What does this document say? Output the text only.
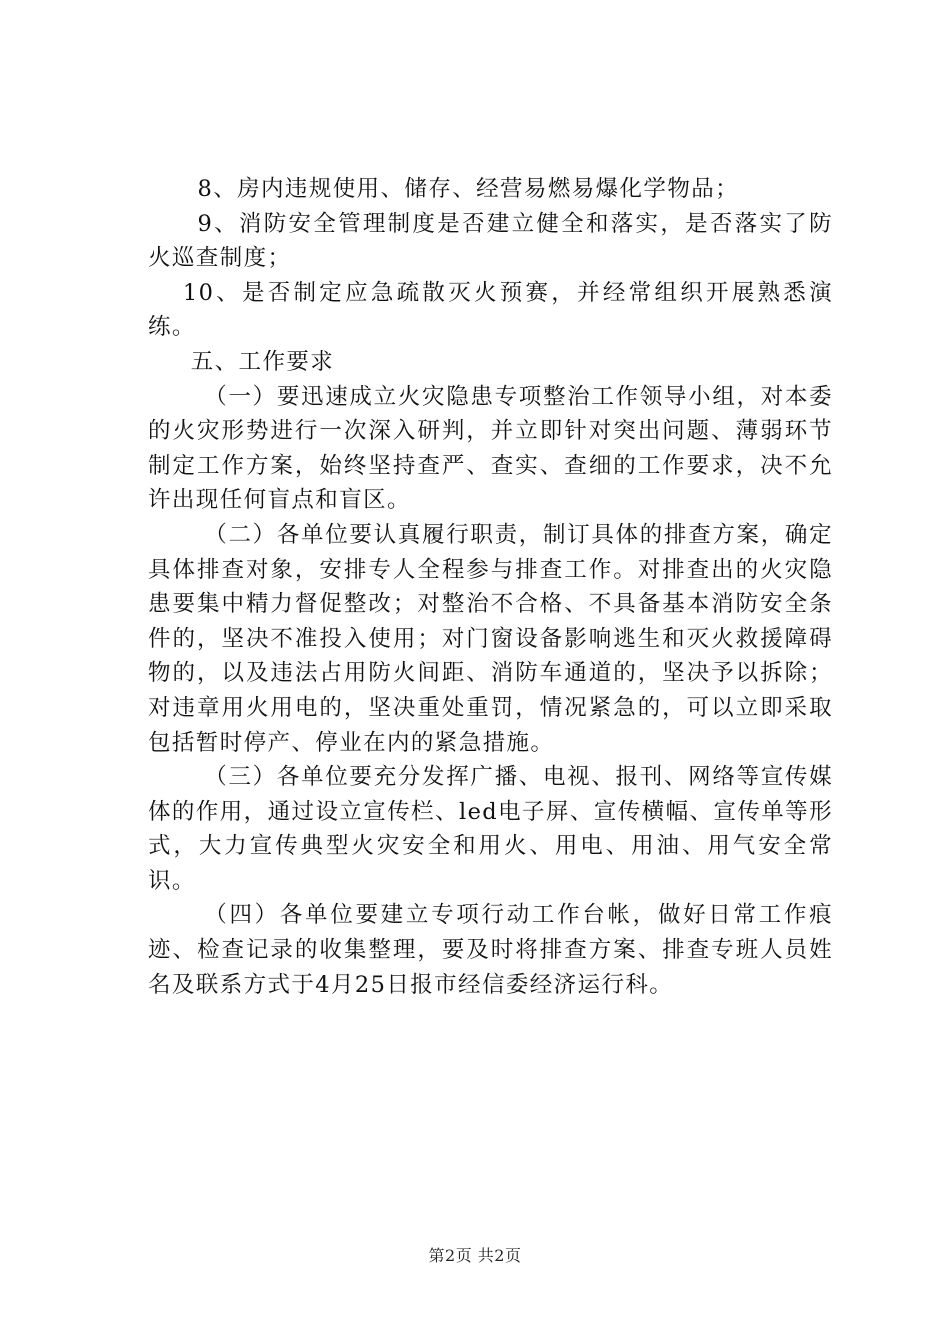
8、房内违规使用、储存、经营易燃易爆化学物品；

9、消防安全管理制度是否建立健全和落实，是否落实了防火巡查制度；

10、是否制定应急疏散灭火预赛，并经常组织开展熟悉演练。

五、工作要求

（一）要迅速成立火灾隐患专项整治工作领导小组，对本委的火灾形势进行一次深入研判，并立即针对突出问题、薄弱环节制定工作方案，始终坚持查严、查实、查细的工作要求，决不允许出现任何盲点和盲区。

（二）各单位要认真履行职责，制订具体的排查方案，确定具体排查对象，安排专人全程参与排查工作。对排查出的火灾隐患要集中精力督促整改；对整治不合格、不具备基本消防安全条件的，坚决不准投入使用；对门窗设备影响逃生和灭火救援障碍物的，以及违法占用防火间距、消防车通道的，坚决予以拆除；对违章用火用电的，坚决重处重罚，情况紧急的，可以立即采取包括暂时停产、停业在内的紧急措施。

（三）各单位要充分发挥广播、电视、报刊、网络等宣传媒体的作用，通过设立宣传栏、led电子屏、宣传横幅、宣传单等形式，大力宣传典型火灾安全和用火、用电、用油、用气安全常识。

（四）各单位要建立专项行动工作台帐，做好日常工作痕迹、检查记录的收集整理，要及时将排查方案、排查专班人员姓名及联系方式于4月25日报市经信委经济运行科。

第2页 共2页
